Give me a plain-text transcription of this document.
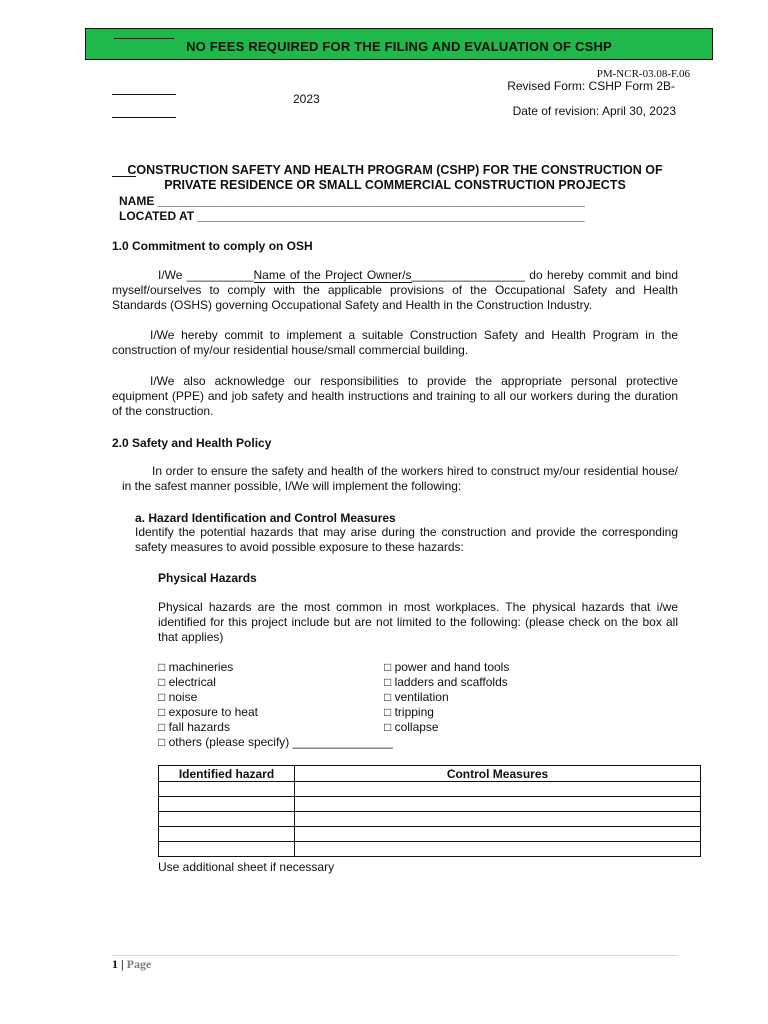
NO FEES REQUIRED FOR THE FILING AND EVALUATION OF CSHP
PM-NCR-03.08-F.06
Revised Form: CSHP Form 2B-
2023
Date of revision: April 30, 2023
CONSTRUCTION SAFETY AND HEALTH PROGRAM (CSHP) FOR THE CONSTRUCTION OF
PRIVATE RESIDENCE OR SMALL COMMERCIAL CONSTRUCTION PROJECTS
NAME ________________________________________________________________
LOCATED AT __________________________________________________________
1.0 Commitment to comply on OSH
I/We __________Name of the Project Owner/s_________________ do hereby commit and bind myself/ourselves to comply with the applicable provisions of the Occupational Safety and Health Standards (OSHS) governing Occupational Safety and Health in the Construction Industry.
I/We hereby commit to implement a suitable Construction Safety and Health Program in the construction of my/our residential house/small commercial building.
I/We also acknowledge our responsibilities to provide the appropriate personal protective equipment (PPE) and job safety and health instructions and training to all our workers during the duration of the construction.
2.0 Safety and Health Policy
In order to ensure the safety and health of the workers hired to construct my/our residential house/ in the safest manner possible, I/We will implement the following:
a. Hazard Identification and Control Measures
Identify the potential hazards that may arise during the construction and provide the corresponding safety measures to avoid possible exposure to these hazards:
Physical Hazards
Physical hazards are the most common in most workplaces. The physical hazards that i/we identified for this project include but are not limited to the following: (please check on the box all that applies)
□ machineries
□ electrical
□ noise
□ exposure to heat
□ fall hazards
□ others (please specify) _______________
□ power and hand tools
□ ladders and scaffolds
□ ventilation
□ tripping
□ collapse
Identified hazard	Control Measures

Use additional sheet if necessary
1 | Page
